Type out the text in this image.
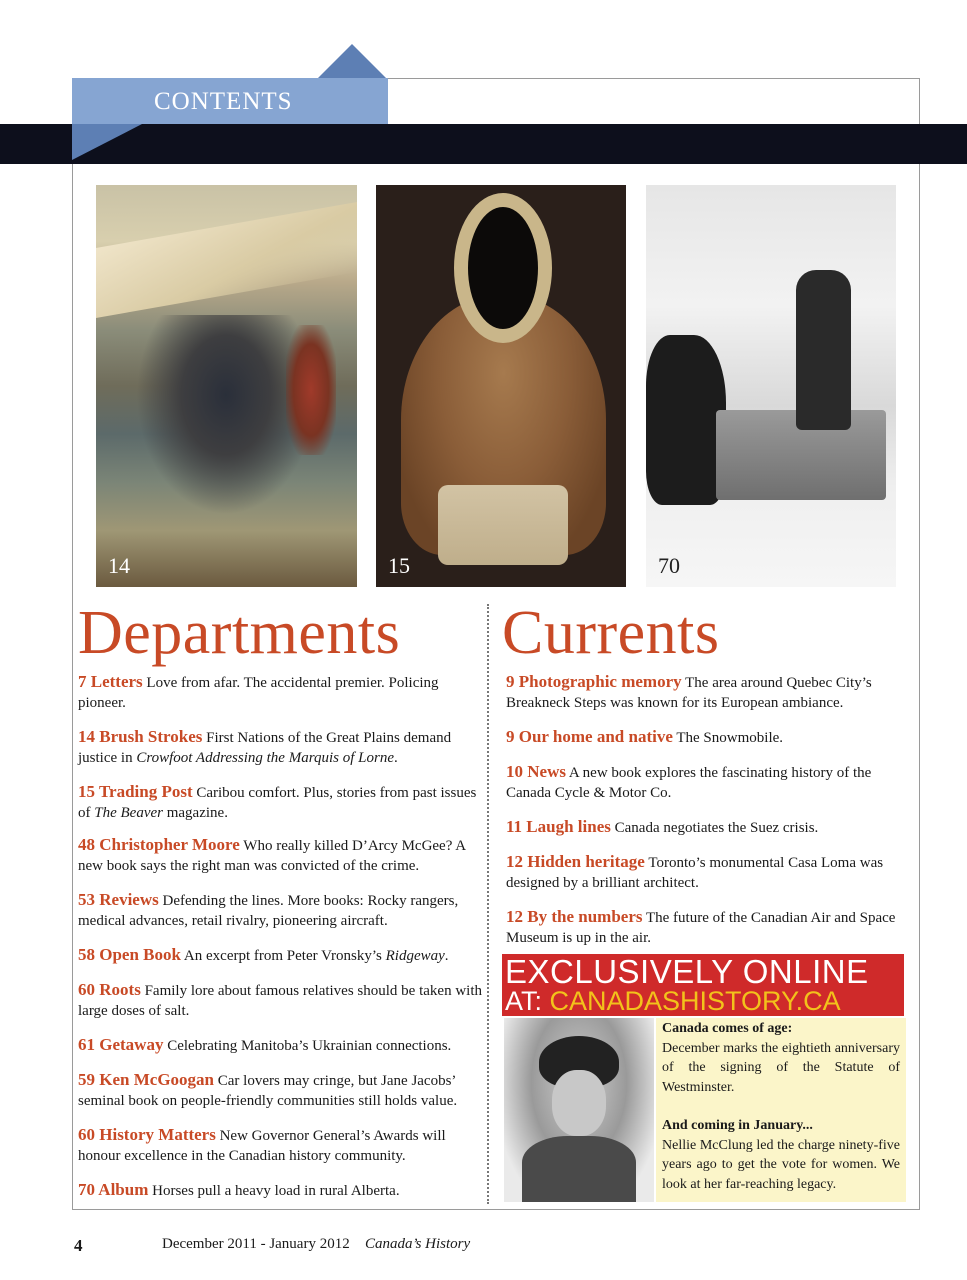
CONTENTS
14	15	70
Departments Currents
7 Letters Love from afar. The accidental premier. Policing pioneer.
14 Brush Strokes First Nations of the Great Plains demand justice in Crowfoot Addressing the Marquis of Lorne.
15 Trading Post Caribou comfort. Plus, stories from past issues of The Beaver magazine.
48 Christopher Moore Who really killed D’Arcy McGee? A new book says the right man was convicted of the crime.
53 Reviews Defending the lines. More books: Rocky rangers, medical advances, retail rivalry, pioneering aircraft.
58 Open Book An excerpt from Peter Vronsky’s Ridgeway.
60 Roots Family lore about famous relatives should be taken with large doses of salt.
61 Getaway Celebrating Manitoba’s Ukrainian connections.
59 Ken McGoogan Car lovers may cringe, but Jane Jacobs’ seminal book on people-friendly communities still holds value.
60 History Matters New Governor General’s Awards will honour excellence in the Canadian history community.
70 Album Horses pull a heavy load in rural Alberta.
9 Photographic memory The area around Quebec City’s Breakneck Steps was known for its European ambiance.
9 Our home and native The Snowmobile.
10 News A new book explores the fascinating history of the Canada Cycle & Motor Co.
11 Laugh lines Canada negotiates the Suez crisis.
12 Hidden heritage Toronto’s monumental Casa Loma was designed by a brilliant architect.
12 By the numbers The future of the Canadian Air and Space Museum is up in the air.
EXCLUSIVELY ONLINE
AT: CANADASHISTORY.CA
Canada comes of age:
December marks the eightieth anniversary of the signing of the Statute of Westminster.
And coming in January...
Nellie McClung led the charge ninety-five years ago to get the vote for women. We look at her far-reaching legacy.
4	December 2011 - January 2012 Canada’s History
